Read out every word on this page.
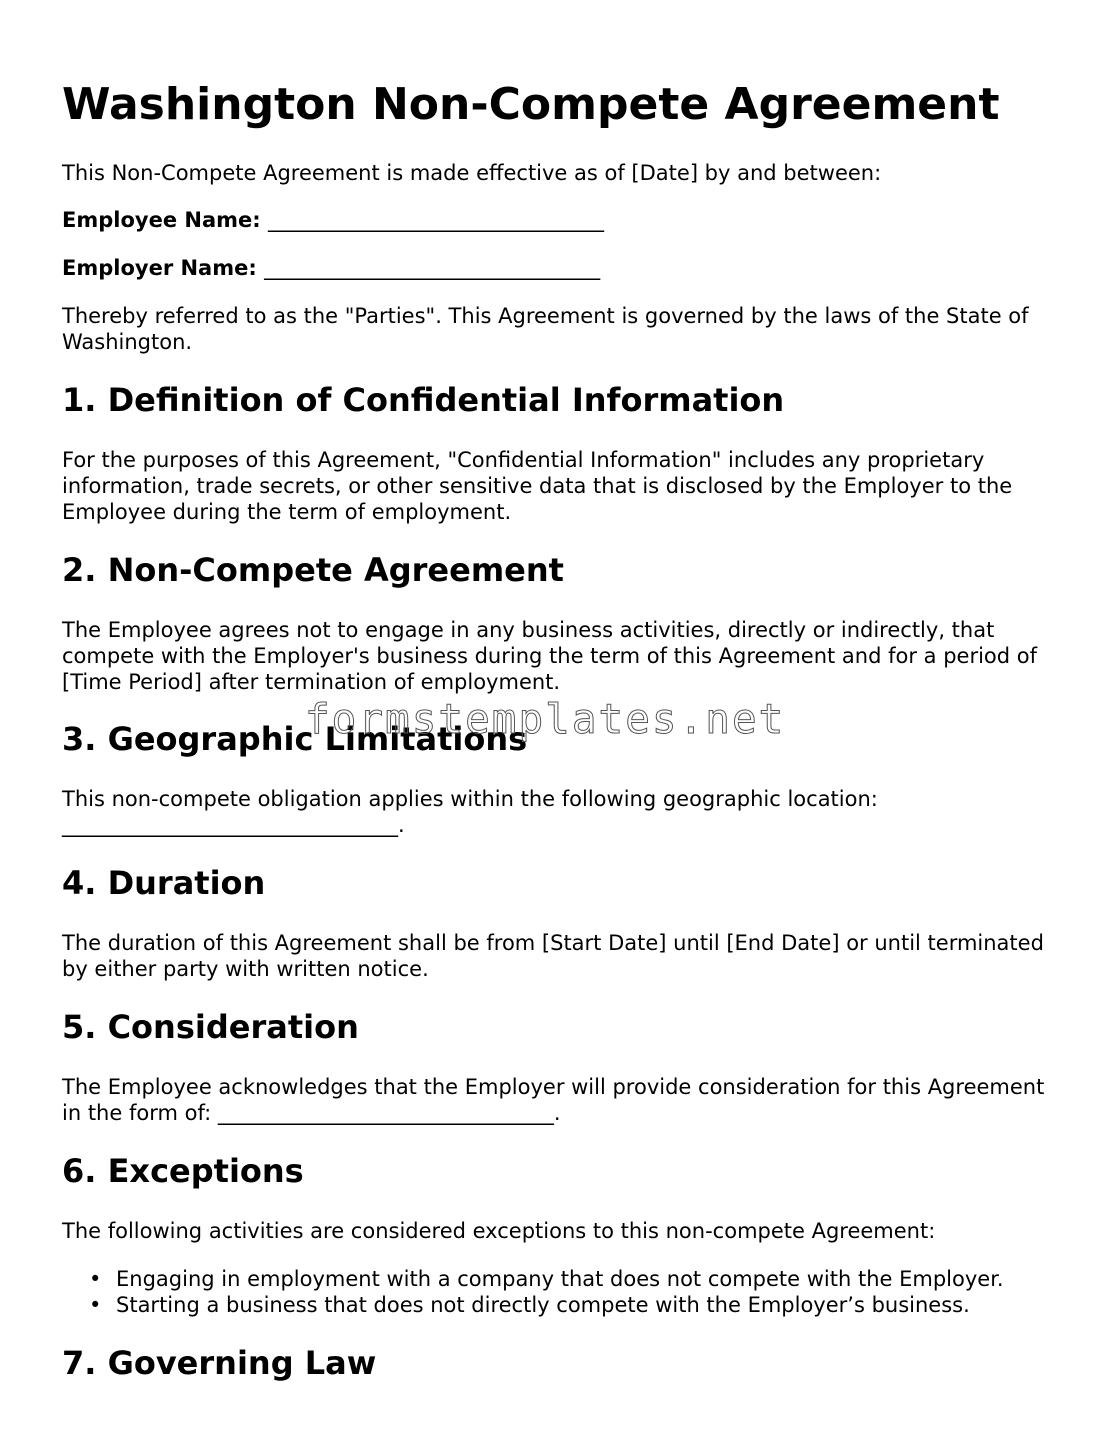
Washington Non-Compete Agreement
This Non-Compete Agreement is made effective as of [Date] by and between:
Employee Name: ________________________________
Employer Name: ________________________________
Thereby referred to as the "Parties". This Agreement is governed by the laws of the State of Washington.
1. Definition of Confidential Information
For the purposes of this Agreement, "Confidential Information" includes any proprietary information, trade secrets, or other sensitive data that is disclosed by the Employer to the Employee during the term of employment.
2. Non-Compete Agreement
The Employee agrees not to engage in any business activities, directly or indirectly, that compete with the Employer's business during the term of this Agreement and for a period of [Time Period] after termination of employment.
3. Geographic Limitations
This non-compete obligation applies within the following geographic location: ________________________________.
4. Duration
The duration of this Agreement shall be from [Start Date] until [End Date] or until terminated by either party with written notice.
5. Consideration
The Employee acknowledges that the Employer will provide consideration for this Agreement in the form of: ________________________________.
6. Exceptions
The following activities are considered exceptions to this non-compete Agreement:
• Engaging in employment with a company that does not compete with the Employer.
• Starting a business that does not directly compete with the Employer’s business.
7. Governing Law
formstemplates.net
